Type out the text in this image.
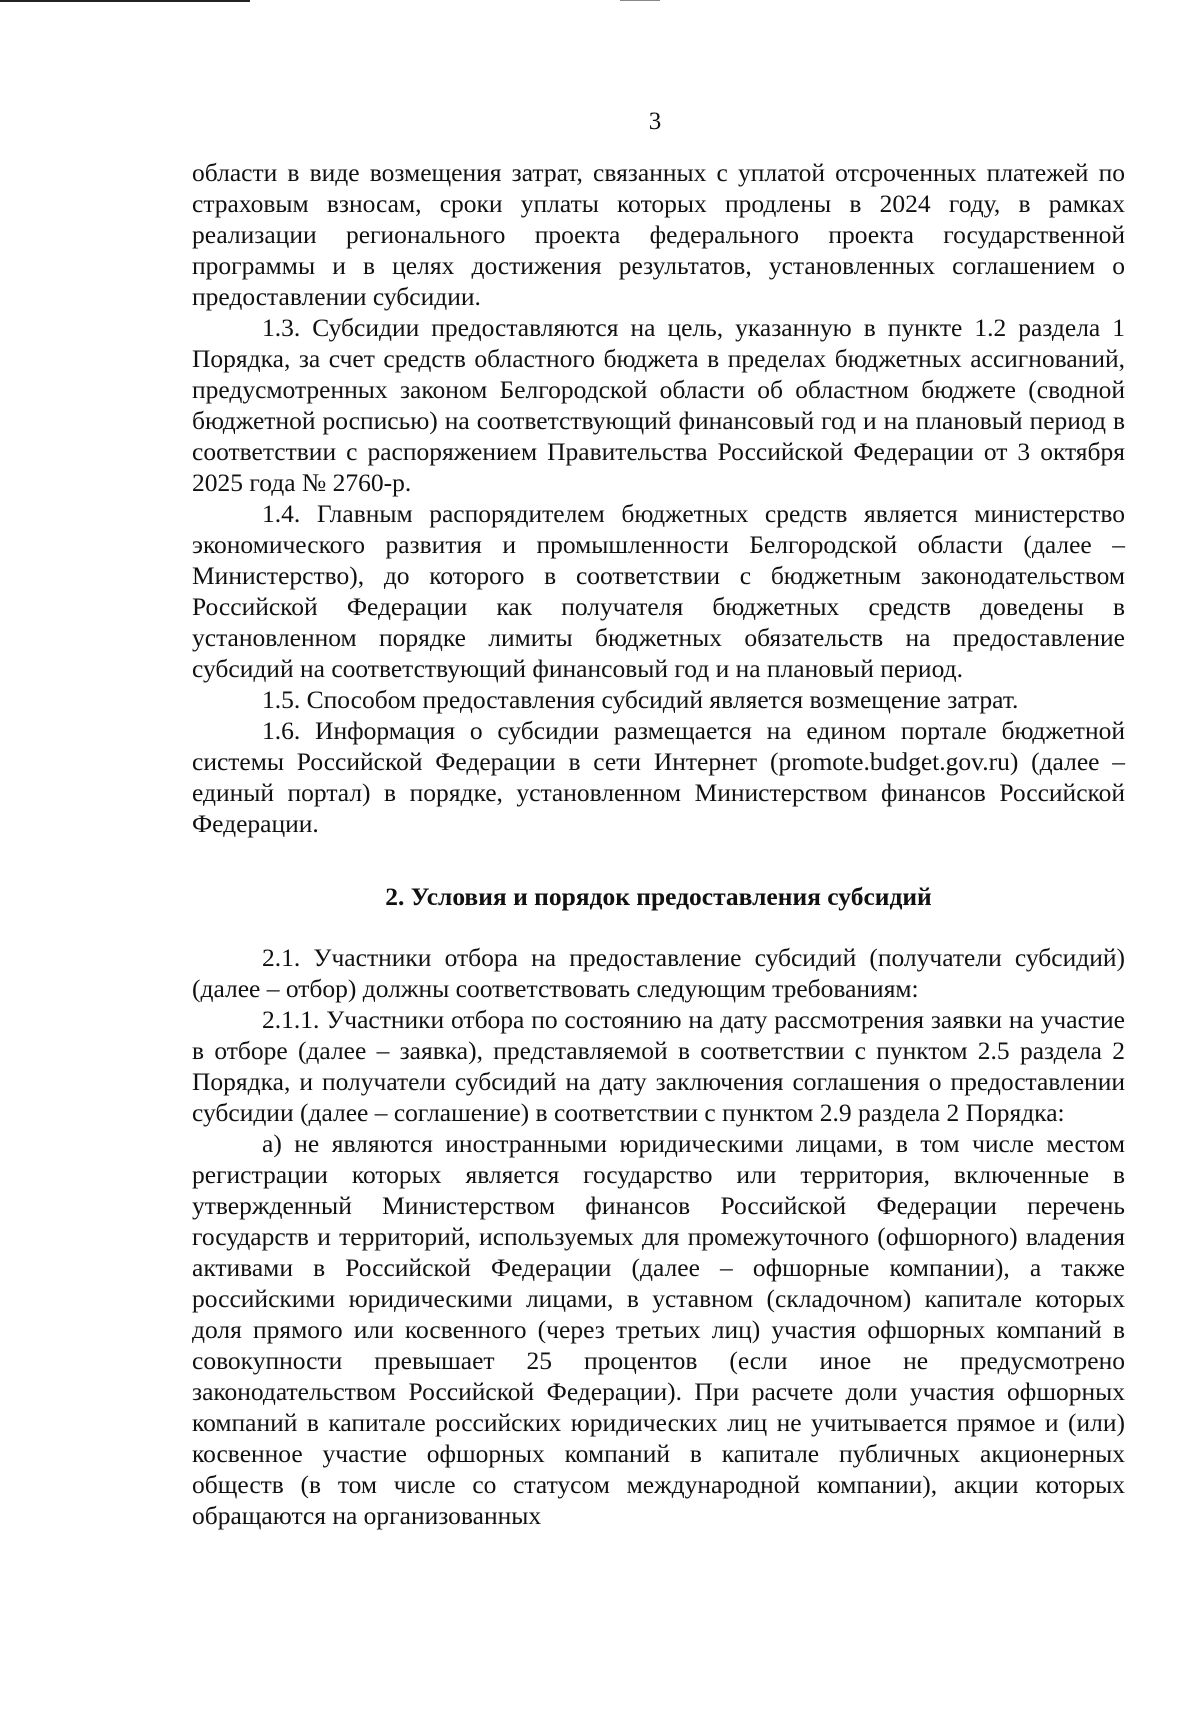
3

области в виде возмещения затрат, связанных с уплатой отсроченных платежей по страховым взносам, сроки уплаты которых продлены в 2024 году, в рамках реализации регионального проекта федерального проекта государственной программы и в целях достижения результатов, установленных соглашением о предоставлении субсидии.

1.3. Субсидии предоставляются на цель, указанную в пункте 1.2 раздела 1 Порядка, за счет средств областного бюджета в пределах бюджетных ассигнований, предусмотренных законом Белгородской области об областном бюджете (сводной бюджетной росписью) на соответствующий финансовый год и на плановый период в соответствии с распоряжением Правительства Российской Федерации от 3 октября 2025 года № 2760-р.

1.4. Главным распорядителем бюджетных средств является министерство экономического развития и промышленности Белгородской области (далее – Министерство), до которого в соответствии с бюджетным законодательством Российской Федерации как получателя бюджетных средств доведены в установленном порядке лимиты бюджетных обязательств на предоставление субсидий на соответствующий финансовый год и на плановый период.

1.5. Способом предоставления субсидий является возмещение затрат.

1.6. Информация о субсидии размещается на едином портале бюджетной системы Российской Федерации в сети Интернет (promote.budget.gov.ru) (далее – единый портал) в порядке, установленном Министерством финансов Российской Федерации.

2. Условия и порядок предоставления субсидий

2.1. Участники отбора на предоставление субсидий (получатели субсидий) (далее – отбор) должны соответствовать следующим требованиям:

2.1.1. Участники отбора по состоянию на дату рассмотрения заявки на участие в отборе (далее – заявка), представляемой в соответствии с пунктом 2.5 раздела 2 Порядка, и получатели субсидий на дату заключения соглашения о предоставлении субсидии (далее – соглашение) в соответствии с пунктом 2.9 раздела 2 Порядка:

а) не являются иностранными юридическими лицами, в том числе местом регистрации которых является государство или территория, включенные в утвержденный Министерством финансов Российской Федерации перечень государств и территорий, используемых для промежуточного (офшорного) владения активами в Российской Федерации (далее – офшорные компании), а также российскими юридическими лицами, в уставном (складочном) капитале которых доля прямого или косвенного (через третьих лиц) участия офшорных компаний в совокупности превышает 25 процентов (если иное не предусмотрено законодательством Российской Федерации). При расчете доли участия офшорных компаний в капитале российских юридических лиц не учитывается прямое и (или) косвенное участие офшорных компаний в капитале публичных акционерных обществ (в том числе со статусом международной компании), акции которых обращаются на организованных
